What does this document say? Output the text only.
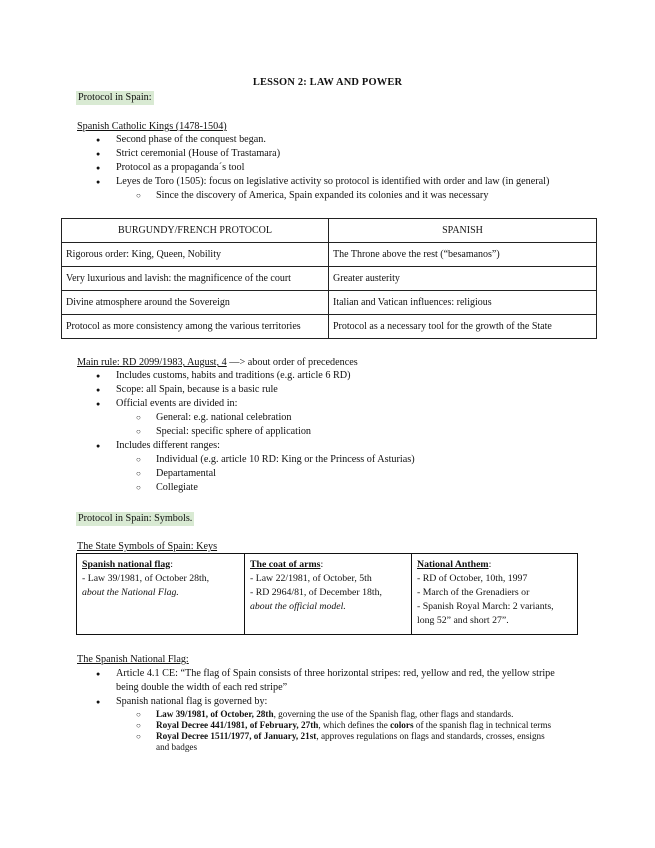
LESSON 2: LAW AND POWER
Protocol in Spain:
Spanish Catholic Kings (1478-1504)
● Second phase of the conquest began.
● Strict ceremonial (House of Trastamara)
● Protocol as a propaganda´s tool
● Leyes de Toro (1505): focus on legislative activity so protocol is identified with order and law (in general)
○ Since the discovery of America, Spain expanded its colonies and it was necessary
BURGUNDY/FRENCH PROTOCOL	SPANISH
Rigorous order: King, Queen, Nobility	The Throne above the rest (“besamanos”)
Very luxurious and lavish: the magnificence of the court	Greater austerity
Divine atmosphere around the Sovereign	Italian and Vatican influences: religious
Protocol as more consistency among the various territories	Protocol as a necessary tool for the growth of the State
Main rule: RD 2099/1983, August, 4 —> about order of precedences
● Includes customs, habits and traditions (e.g. article 6 RD)
● Scope: all Spain, because is a basic rule
● Official events are divided in:
○ General: e.g. national celebration
○ Special: specific sphere of application
● Includes different ranges:
○ Individual (e.g. article 10 RD: King or the Princess of Asturias)
○ Departamental
○ Collegiate
Protocol in Spain: Symbols.
The State Symbols of Spain: Keys
Spanish national flag:
- Law 39/1981, of October 28th,
about the National Flag.

The coat of arms:
- Law 22/1981, of October, 5th
- RD 2964/81, of December 18th,
about the official model.

National Anthem:
- RD of October, 10th, 1997
- March of the Grenadiers or
- Spanish Royal March: 2 variants,
long 52” and short 27”.
The Spanish National Flag:
● Article 4.1 CE: “The flag of Spain consists of three horizontal stripes: red, yellow and red, the yellow stripe
being double the width of each red stripe”
● Spanish national flag is governed by:
○ Law 39/1981, of October, 28th, governing the use of the Spanish flag, other flags and standards.
○ Royal Decree 441/1981, of February, 27th, which defines the colors of the spanish flag in technical terms
○ Royal Decree 1511/1977, of January, 21st, approves regulations on flags and standards, crosses, ensigns
and badges
